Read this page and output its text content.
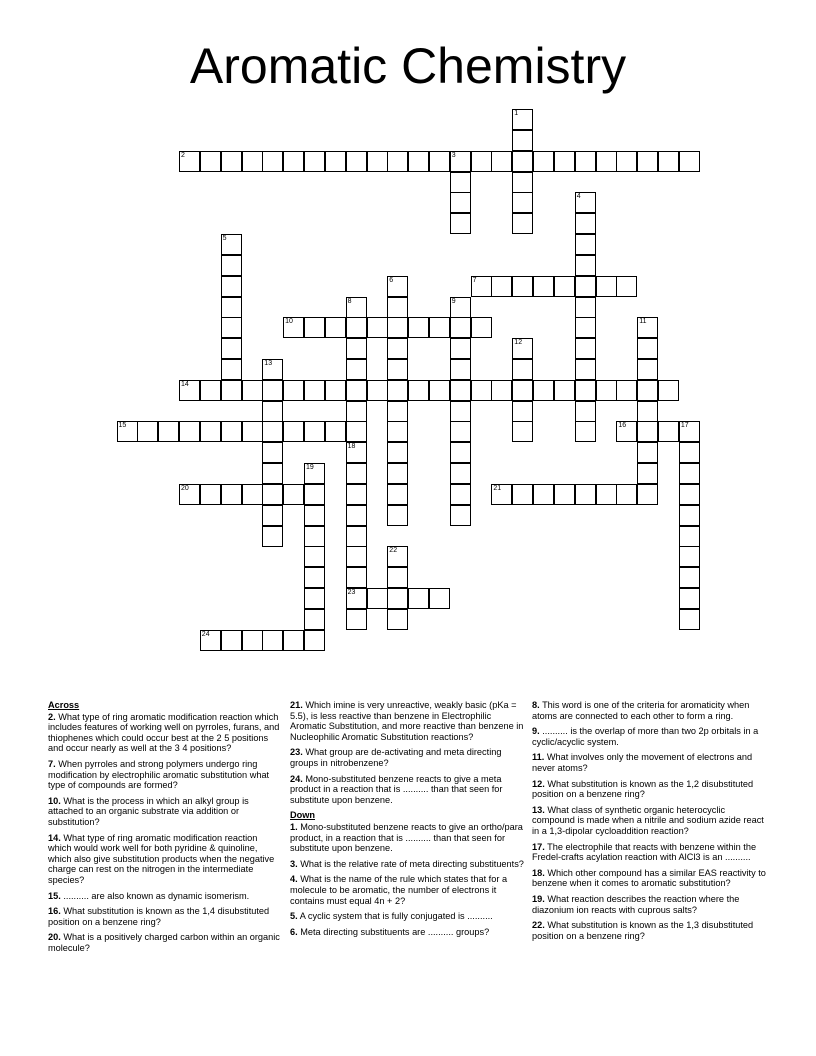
Aromatic Chemistry
1
2	3
4
5
6	7
8
18
23
9
10	11
12
13
14
15	16	17
19
20	21
22
24
Across
2. What type of ring aromatic modification reaction which includes features of working well on pyrroles, furans, and thiophenes which could occur best at the 2 5 positions and occur nearly as well at the 3 4 positions?
7. When pyrroles and strong polymers undergo ring modification by electrophilic aromatic substitution what type of compounds are formed?
10. What is the process in which an alkyl group is attached to an organic substrate via addition or substitution?
14. What type of ring aromatic modification reaction which would work well for both pyridine & quinoline, which also give substitution products when the negative charge can rest on the nitrogen in the intermediate species?
15. .......... are also known as dynamic isomerism.
16. What substitution is known as the 1,4 disubstituted position on a benzene ring?
20. What is a positively charged carbon within an organic molecule?
21. Which imine is very unreactive, weakly basic (pKa = 5.5), is less reactive than benzene in Electrophilic Aromatic Substitution, and more reactive than benzene in Nucleophilic Aromatic Substitution reactions?
23. What group are de-activating and meta directing groups in nitrobenzene?
24. Mono-substituted benzene reacts to give a meta product in a reaction that is .......... than that seen for substitute upon benzene.
Down
1. Mono-substituted benzene reacts to give an ortho/para product, in a reaction that is .......... than that seen for substitute upon benzene.
3. What is the relative rate of meta directing substituents?
4. What is the name of the rule which states that for a molecule to be aromatic, the number of electrons it contains must equal 4n + 2?
5. A cyclic system that is fully conjugated is ..........
6. Meta directing substituents are .......... groups?
8. This word is one of the criteria for aromaticity when atoms are connected to each other to form a ring.
9. .......... is the overlap of more than two 2p orbitals in a cyclic/acyclic system.
11. What involves only the movement of electrons and never atoms?
12. What substitution is known as the 1,2 disubstituted position on a benzene ring?
13. What class of synthetic organic heterocyclic compound is made when a nitrile and sodium azide react in a 1,3-dipolar cycloaddition reaction?
17. The electrophile that reacts with benzene within the Fredel-crafts acylation reaction with AlCl3 is an ..........
18. Which other compound has a similar EAS reactivity to benzene when it comes to aromatic substitution?
19. What reaction describes the reaction where the diazonium ion reacts with cuprous salts?
22. What substitution is known as the 1,3 disubstituted position on a benzene ring?
